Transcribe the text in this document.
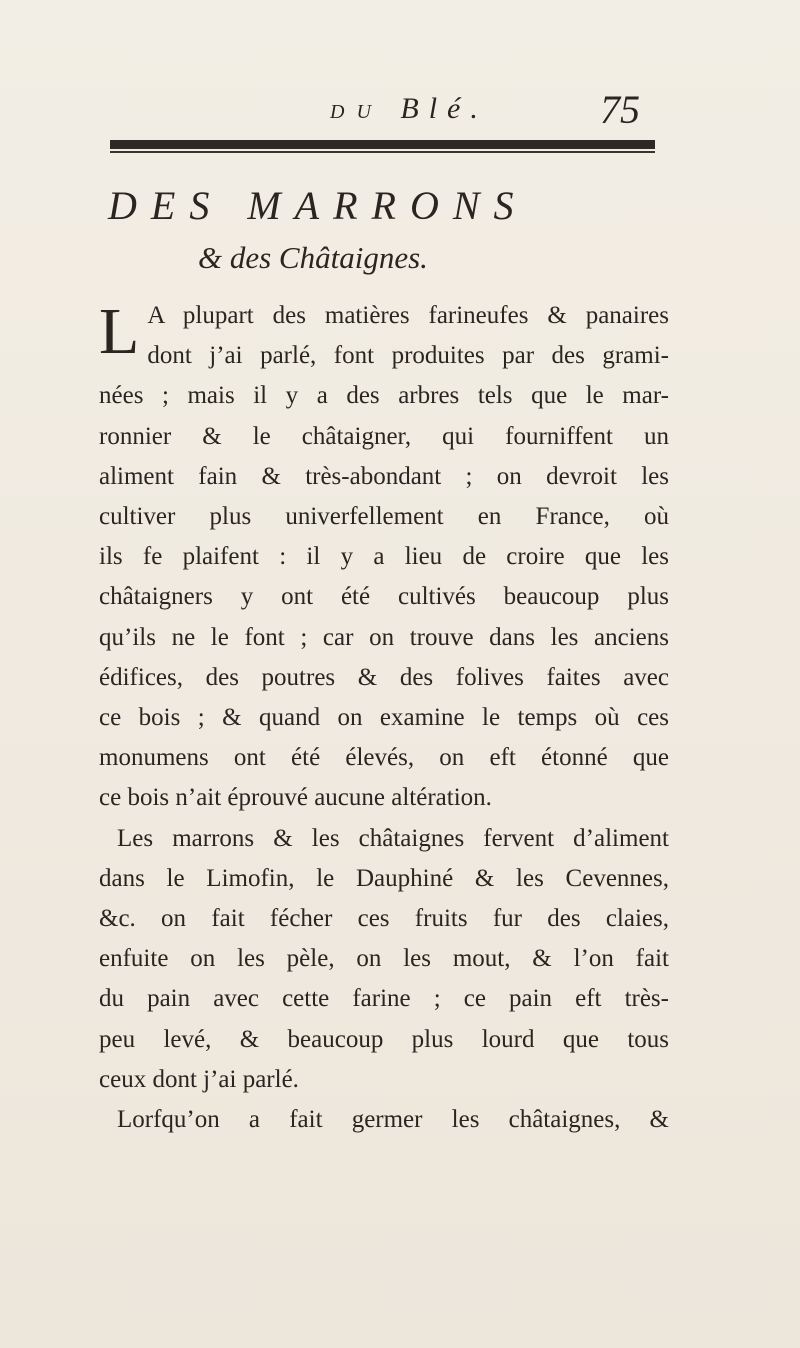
DU Blé.	75
DES MARRONS
& des Châtaignes.

L A plupart des matières farineufes & panaires
dont j’ai parlé, font produites par des grami-
nées ; mais il y a des arbres tels que le mar-
ronnier & le châtaigner, qui fourniffent un
aliment fain & très-abondant ; on devroit les
cultiver plus univerfellement en France, où
ils fe plaifent : il y a lieu de croire que les
châtaigners y ont été cultivés beaucoup plus
qu’ils ne le font ; car on trouve dans les anciens
édifices, des poutres & des folives faites avec
ce bois ; & quand on examine le temps où ces
monumens ont été élevés, on eft étonné que
ce bois n’ait éprouvé aucune altération.

Les marrons & les châtaignes fervent d’aliment
dans le Limofin, le Dauphiné & les Cevennes,
&c. on fait fécher ces fruits fur des claies,
enfuite on les pèle, on les mout, & l’on fait
du pain avec cette farine ; ce pain eft très-
peu levé, & beaucoup plus lourd que tous
ceux dont j’ai parlé.

Lorfqu’on a fait germer les châtaignes, &
